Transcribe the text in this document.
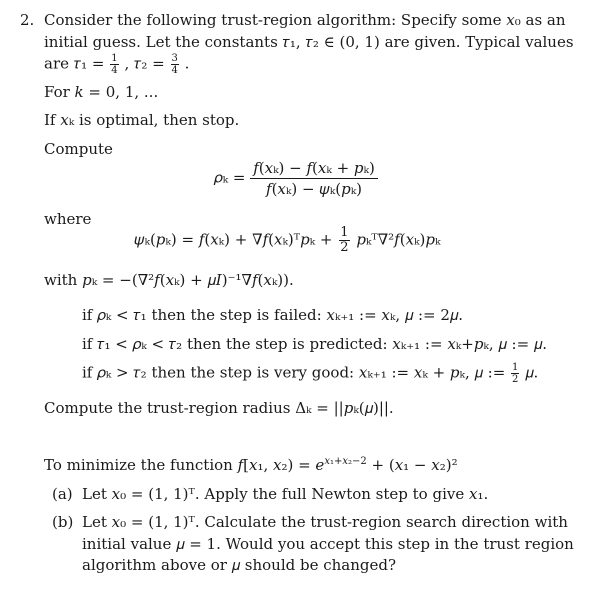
2. Consider the following trust-region algorithm: Specify some 𝑥₀ as an
initial guess. Let the constants 𝜏₁, 𝜏₂ ∈ (0, 1) are given. Typical values
are 𝜏₁ = $\frac{1}{4}$ , 𝜏₂ = $\frac{3}{4}$ .
For 𝑘 = 0, 1, ...
If 𝑥ₖ is optimal, then stop.
Compute
𝜌ₖ = $\frac{\text{𝑓(𝑥ₖ) − 𝑓(𝑥ₖ + 𝑝ₖ)}}{\text{𝑓(𝑥ₖ) − 𝜓ₖ(𝑝ₖ)}}$
where
𝜓ₖ(𝑝ₖ) = 𝑓(𝑥ₖ) + ∇𝑓(𝑥ₖ)ᵀ𝑝ₖ + $\frac{1}{2}$ 𝑝ₖᵀ∇²𝑓(𝑥ₖ)𝑝ₖ
with 𝑝ₖ = −(∇²𝑓(𝑥ₖ) + 𝜇𝐼)⁻¹∇𝑓(𝑥ₖ)).
if 𝜌ₖ < 𝜏₁ then the step is failed: 𝑥ₖ₊₁ := 𝑥ₖ, 𝜇 := 2𝜇.
if 𝜏₁ < 𝜌ₖ < 𝜏₂ then the step is predicted: 𝑥ₖ₊₁ := 𝑥ₖ+𝑝ₖ, 𝜇 := 𝜇.
if 𝜌ₖ > 𝜏₂ then the step is very good: 𝑥ₖ₊₁ := 𝑥ₖ + 𝑝ₖ, 𝜇 := $\frac{1}{2}$ 𝜇.
Compute the trust-region radius Δₖ = ||𝑝ₖ(𝜇)||.
To minimize the function 𝑓[𝑥₁, 𝑥₂) = 𝑒$^{𝑥_1+𝑥_2-2}$ + (𝑥₁ − 𝑥₂)²
(a) Let 𝑥₀ = (1, 1)ᵀ. Apply the full Newton step to give 𝑥₁.
(b) Let 𝑥₀ = (1, 1)ᵀ. Calculate the trust-region search direction with
initial value 𝜇 = 1. Would you accept this step in the trust region
algorithm above or 𝜇 should be changed?
